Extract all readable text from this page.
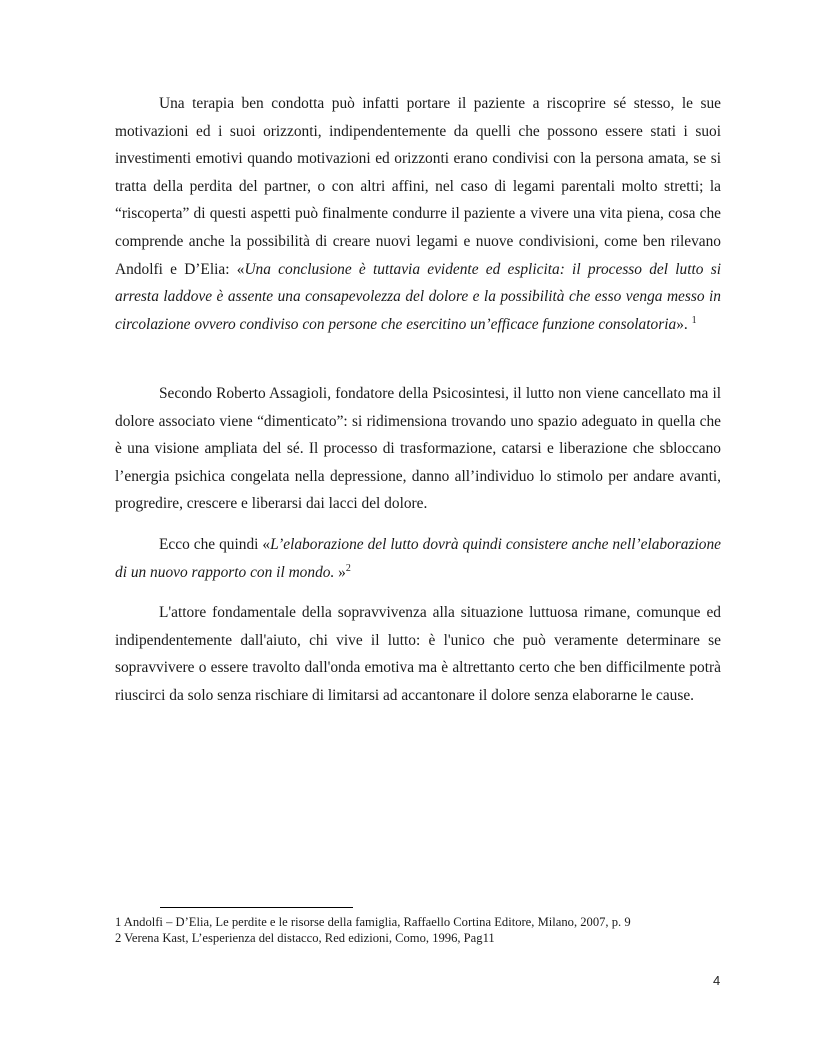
Una terapia ben condotta può infatti portare il paziente a riscoprire sé stesso, le sue motivazioni ed i suoi orizzonti, indipendentemente da quelli che possono essere stati i suoi investimenti emotivi quando motivazioni ed orizzonti erano condivisi con la persona amata, se si tratta della perdita del partner, o con altri affini, nel caso di legami parentali molto stretti; la “riscoperta” di questi aspetti può finalmente condurre il paziente a vivere una vita piena, cosa che comprende anche la possibilità di creare nuovi legami e nuove condivisioni, come ben rilevano Andolfi e D’Elia: «Una conclusione è tuttavia evidente ed esplicita: il processo del lutto si arresta laddove è assente una consapevolezza del dolore e la possibilità che esso venga messo in circolazione ovvero condiviso con persone che esercitino un’efficace funzione consolatoria». $^1$

Secondo Roberto Assagioli, fondatore della Psicosintesi, il lutto non viene cancellato ma il dolore associato viene “dimenticato”: si ridimensiona trovando uno spazio adeguato in quella che è una visione ampliata del sé. Il processo di trasformazione, catarsi e liberazione che sbloccano l’energia psichica congelata nella depressione, danno all’individuo lo stimolo per andare avanti, progredire, crescere e liberarsi dai lacci del dolore.

Ecco che quindi «L’elaborazione del lutto dovrà quindi consistere anche nell’elaborazione di un nuovo rapporto con il mondo. »$^2$

L'attore fondamentale della sopravvivenza alla situazione luttuosa rimane, comunque ed indipendentemente dall'aiuto, chi vive il lutto: è l'unico che può veramente determinare se sopravvivere o essere travolto dall'onda emotiva ma è altrettanto certo che ben difficilmente potrà riuscirci da solo senza rischiare di limitarsi ad accantonare il dolore senza elaborarne le cause.

1 Andolfi – D’Elia, Le perdite e le risorse della famiglia, Raffaello Cortina Editore, Milano, 2007, p. 9
2 Verena Kast, L’esperienza del distacco, Red edizioni, Como, 1996, Pag11
4
